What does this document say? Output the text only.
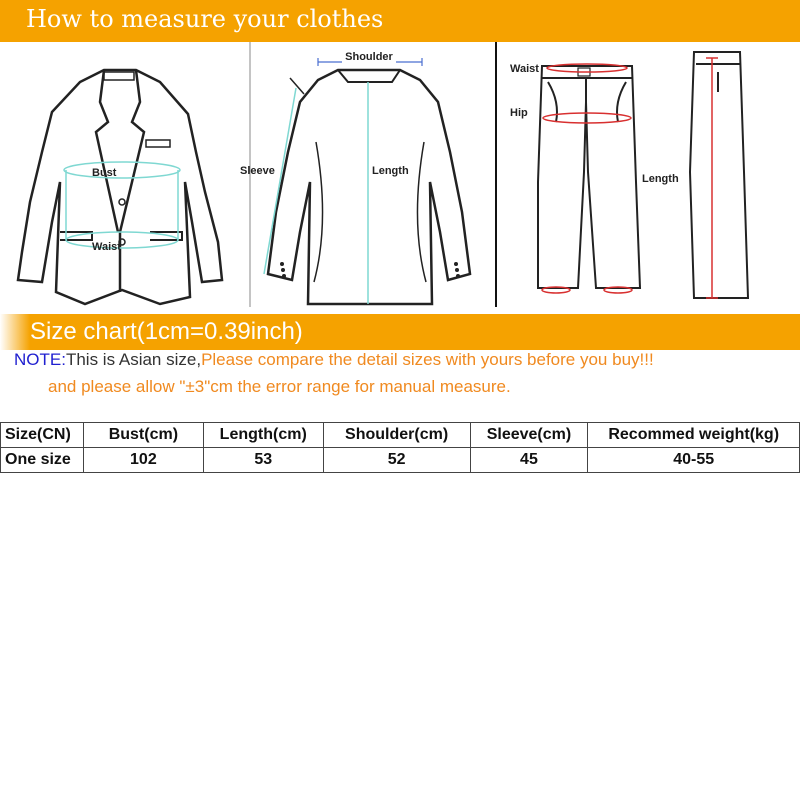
How to measure your clothes
Bust
Waist
Shoulder
Sleeve	Length
Waist
Hip
Length
Size chart(1cm=0.39inch)
NOTE:This is Asian size,Please compare the detail sizes with yours before you buy!!!
and please allow "±3"cm the error range for manual measure.
Size(CN)	Bust(cm)	Length(cm)	Shoulder(cm)	Sleeve(cm)	Recommed weight(kg)
One size	102	53	52	45	40-55
